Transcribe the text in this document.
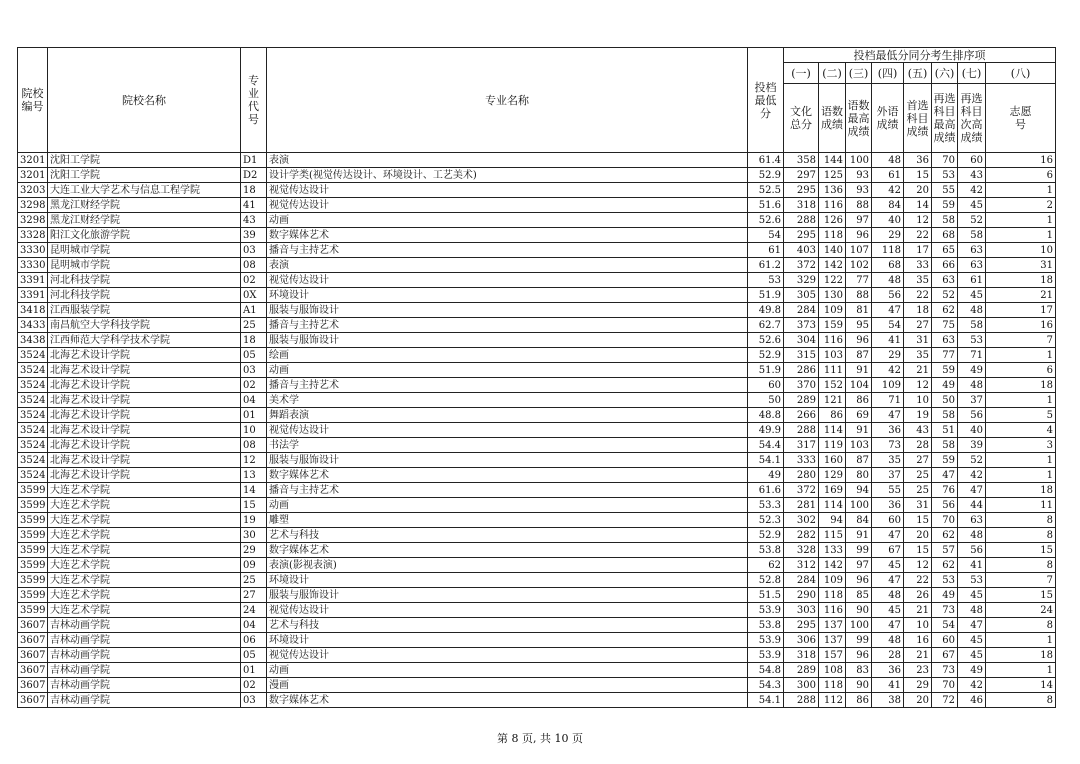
院校编号	院校名称	专业代号	专业名称	投档最低分	投档最低分同分考生排序项							
					(一)	(二)	(三)	(四)	(五)	(六)	(七)	(八)
					文化总分	语数成绩	语数最高成绩	外语成绩	首选科目成绩	再选科目最高成绩	再选科目次高成绩	志愿号
3201	沈阳工学院	D1	表演	61.4	358	144	100	48	36	70	60	16
3201	沈阳工学院	D2	设计学类(视觉传达设计、环境设计、工艺美术)	52.9	297	125	93	61	15	53	43	6
3203	大连工业大学艺术与信息工程学院	18	视觉传达设计	52.5	295	136	93	42	20	55	42	1
3298	黑龙江财经学院	41	视觉传达设计	51.6	318	116	88	84	14	59	45	2
3298	黑龙江财经学院	43	动画	52.6	288	126	97	40	12	58	52	1
3328	阳江文化旅游学院	39	数字媒体艺术	54	295	118	96	29	22	68	58	1
3330	昆明城市学院	03	播音与主持艺术	61	403	140	107	118	17	65	63	10
3330	昆明城市学院	08	表演	61.2	372	142	102	68	33	66	63	31
3391	河北科技学院	02	视觉传达设计	53	329	122	77	48	35	63	61	18
3391	河北科技学院	0X	环境设计	51.9	305	130	88	56	22	52	45	21
3418	江西服装学院	A1	服装与服饰设计	49.8	284	109	81	47	18	62	48	17
3433	南昌航空大学科技学院	25	播音与主持艺术	62.7	373	159	95	54	27	75	58	16
3438	江西师范大学科学技术学院	18	服装与服饰设计	52.6	304	116	96	41	31	63	53	7
3524	北海艺术设计学院	05	绘画	52.9	315	103	87	29	35	77	71	1
3524	北海艺术设计学院	03	动画	51.9	286	111	91	42	21	59	49	6
3524	北海艺术设计学院	02	播音与主持艺术	60	370	152	104	109	12	49	48	18
3524	北海艺术设计学院	04	美术学	50	289	121	86	71	10	50	37	1
3524	北海艺术设计学院	01	舞蹈表演	48.8	266	86	69	47	19	58	56	5
3524	北海艺术设计学院	10	视觉传达设计	49.9	288	114	91	36	43	51	40	4
3524	北海艺术设计学院	08	书法学	54.4	317	119	103	73	28	58	39	3
3524	北海艺术设计学院	12	服装与服饰设计	54.1	333	160	87	35	27	59	52	1
3524	北海艺术设计学院	13	数字媒体艺术	49	280	129	80	37	25	47	42	1
3599	大连艺术学院	14	播音与主持艺术	61.6	372	169	94	55	25	76	47	18
3599	大连艺术学院	15	动画	53.3	281	114	100	36	31	56	44	11
3599	大连艺术学院	19	雕塑	52.3	302	94	84	60	15	70	63	8
3599	大连艺术学院	30	艺术与科技	52.9	282	115	91	47	20	62	48	8
3599	大连艺术学院	29	数字媒体艺术	53.8	328	133	99	67	15	57	56	15
3599	大连艺术学院	09	表演(影视表演)	62	312	142	97	45	12	62	41	8
3599	大连艺术学院	25	环境设计	52.8	284	109	96	47	22	53	53	7
3599	大连艺术学院	27	服装与服饰设计	51.5	290	118	85	48	26	49	45	15
3599	大连艺术学院	24	视觉传达设计	53.9	303	116	90	45	21	73	48	24
3607	吉林动画学院	04	艺术与科技	53.8	295	137	100	47	10	54	47	8
3607	吉林动画学院	06	环境设计	53.9	306	137	99	48	16	60	45	1
3607	吉林动画学院	05	视觉传达设计	53.9	318	157	96	28	21	67	45	18
3607	吉林动画学院	01	动画	54.8	289	108	83	36	23	73	49	1
3607	吉林动画学院	02	漫画	54.3	300	118	90	41	29	70	42	14
3607	吉林动画学院	03	数字媒体艺术	54.1	288	112	86	38	20	72	46	8
第 8 页, 共 10 页
